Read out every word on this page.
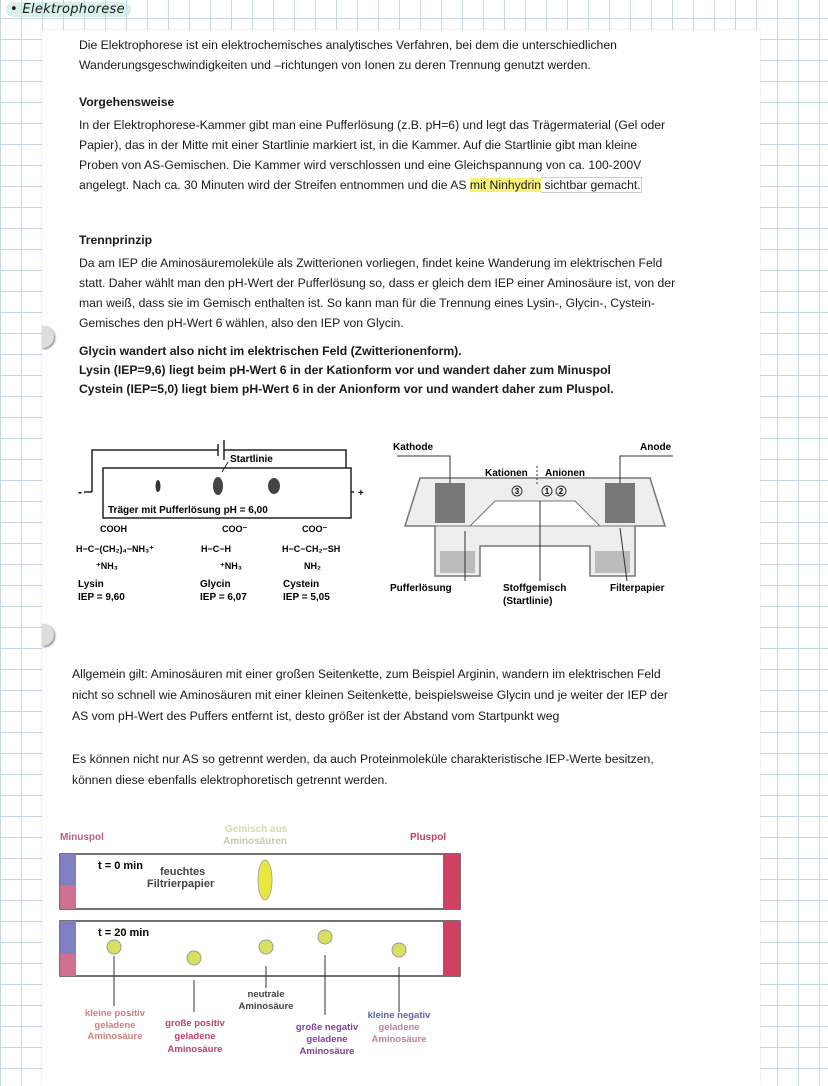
• Elektrophorese
Die Elektrophorese ist ein elektrochemisches analytisches Verfahren, bei dem die unterschiedlichen
Wanderungsgeschwindigkeiten und –richtungen von Ionen zu deren Trennung genutzt werden.
Vorgehensweise
In der Elektrophorese-Kammer gibt man eine Pufferlösung (z.B. pH=6) und legt das Trägermaterial (Gel oder
Papier), das in der Mitte mit einer Startlinie markiert ist, in die Kammer. Auf die Startlinie gibt man kleine
Proben von AS-Gemischen. Die Kammer wird verschlossen und eine Gleichspannung von ca. 100-200V
angelegt. Nach ca. 30 Minuten wird der Streifen entnommen und die AS mit Ninhydrin sichtbar gemacht.
Trennprinzip
Da am IEP die Aminosäuremoleküle als Zwitterionen vorliegen, findet keine Wanderung im elektrischen Feld
statt. Daher wählt man den pH-Wert der Pufferlösung so, dass er gleich dem IEP einer Aminosäure ist, von der
man weiß, dass sie im Gemisch enthalten ist. So kann man für die Trennung eines Lysin-, Glycin-, Cystein-
Gemisches den pH-Wert 6 wählen, also den IEP von Glycin.
Glycin wandert also nicht im elektrischen Feld (Zwitterionenform).
Lysin (IEP=9,6) liegt beim pH-Wert 6 in der Kationform vor und wandert daher zum Minuspol
Cystein (IEP=5,0) liegt biem pH-Wert 6 in der Anionform vor und wandert daher zum Pluspol.
Startlinie
-	+
Träger mit Pufferlösung pH = 6,00
COOH
H−C−(CH₂)₄−NH₃⁺
⁺NH₃
Lysin
IEP = 9,60
COO⁻
H−C−H
⁺NH₃
Glycin
IEP = 6,07
COO⁻
H−C−CH₂−SH
NH₂
Cystein
IEP = 5,05
Kathode	Anode
Kationen Anionen
Pufferlösung	Stoffgemisch
(Startlinie)
Filterpapier
3	1 2
Allgemein gilt: Aminosäuren mit einer großen Seitenkette, zum Beispiel Arginin, wandern im elektrischen Feld
nicht so schnell wie Aminosäuren mit einer kleinen Seitenkette, beispielsweise Glycin und je weiter der IEP der
AS vom pH-Wert des Puffers entfernt ist, desto größer ist der Abstand vom Startpunkt weg
Es können nicht nur AS so getrennt werden, da auch Proteinmoleküle charakteristische IEP-Werte besitzen,
können diese ebenfalls elektrophoretisch getrennt werden.
Minuspol	Pluspol
Gemisch aus
Aminosäuren
t = 0 min
t = 20 min
feuchtes
Filtrierpapier
kleine positiv
geladene
Aminosäure
große positiv
geladene
Aminosäure
neutrale
Aminosäure
große negativ
geladene
Aminosäure
kleine negativ
geladene
Aminosäure
